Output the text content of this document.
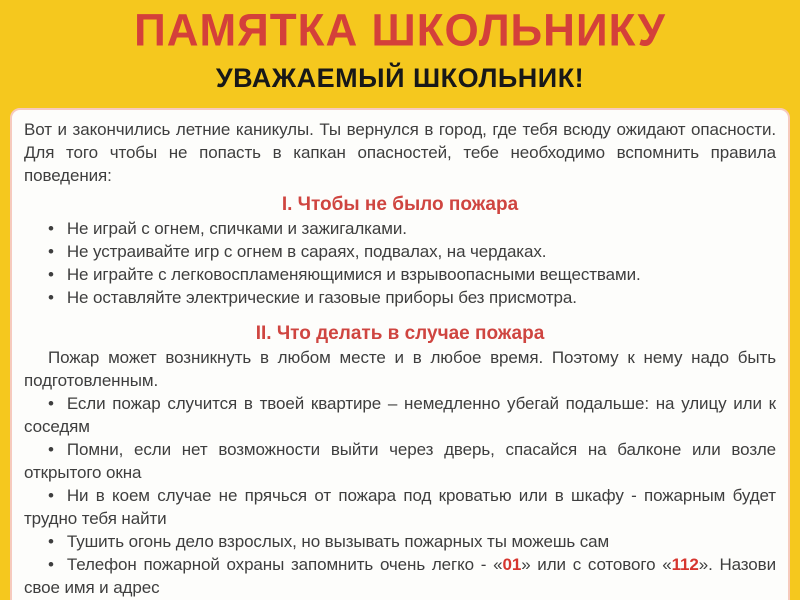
ПАМЯТКА ШКОЛЬНИКУ
УВАЖАЕМЫЙ ШКОЛЬНИК!

Вот и закончились летние каникулы. Ты вернулся в город, где тебя всюду ожидают опасности. Для того чтобы не попасть в капкан опасностей, тебе необходимо вспомнить правила поведения:

I. Чтобы не было пожара

• Не играй с огнем, спичками и зажигалками.

• Не устраивайте игр с огнем в сараях, подвалах, на чердаках.

• Не играйте с легковоспламеняющимися и взрывоопасными веществами.

• Не оставляйте электрические и газовые приборы без присмотра.

II. Что делать в случае пожара

Пожар может возникнуть в любом месте и в любое время. Поэтому к нему надо быть подготовленным.

• Если пожар случится в твоей квартире – немедленно убегай подальше: на улицу или к соседям

• Помни, если нет возможности выйти через дверь, спасайся на балконе или возле открытого окна

• Ни в коем случае не прячься от пожара под кроватью или в шкафу - пожарным будет трудно тебя найти

• Тушить огонь дело взрослых, но вызывать пожарных ты можешь сам

• Телефон пожарной охраны запомнить очень легко - «01» или с сотового «112». Назови свое имя и адрес
